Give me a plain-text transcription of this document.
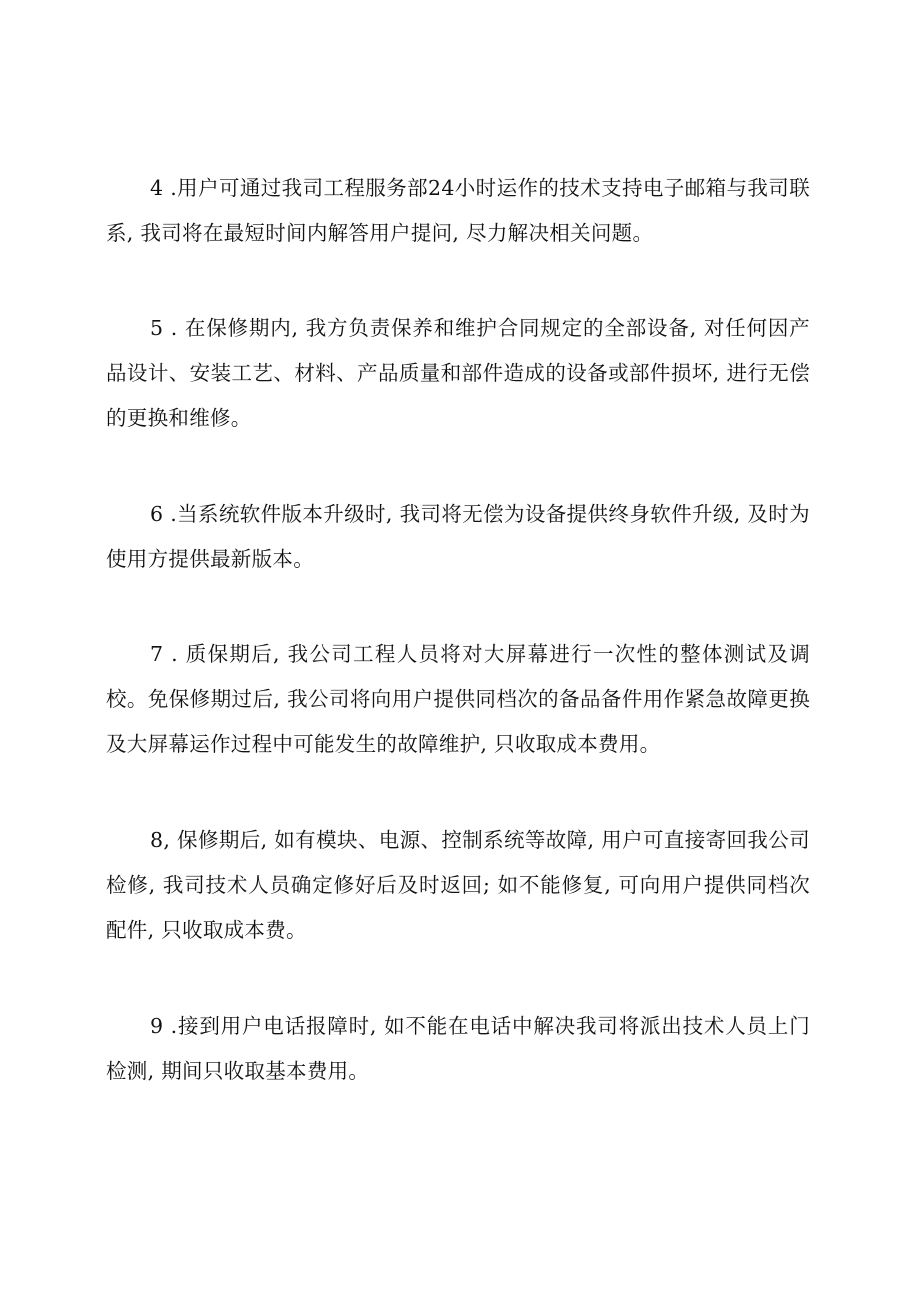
4 .用户可通过我司工程服务部24小时运作的技术支持电子邮箱与我司联系, 我司将在最短时间内解答用户提问, 尽力解决相关问题。

5 . 在保修期内, 我方负责保养和维护合同规定的全部设备, 对任何因产品设计、安装工艺、材料、产品质量和部件造成的设备或部件损坏, 进行无偿的更换和维修。

6 .当系统软件版本升级时, 我司将无偿为设备提供终身软件升级, 及时为使用方提供最新版本。

7 . 质保期后, 我公司工程人员将对大屏幕进行一次性的整体测试及调校。免保修期过后, 我公司将向用户提供同档次的备品备件用作紧急故障更换及大屏幕运作过程中可能发生的故障维护, 只收取成本费用。

8, 保修期后, 如有模块、电源、控制系统等故障, 用户可直接寄回我公司检修, 我司技术人员确定修好后及时返回; 如不能修复, 可向用户提供同档次配件, 只收取成本费。

9 .接到用户电话报障时, 如不能在电话中解决我司将派出技术人员上门检测, 期间只收取基本费用。
